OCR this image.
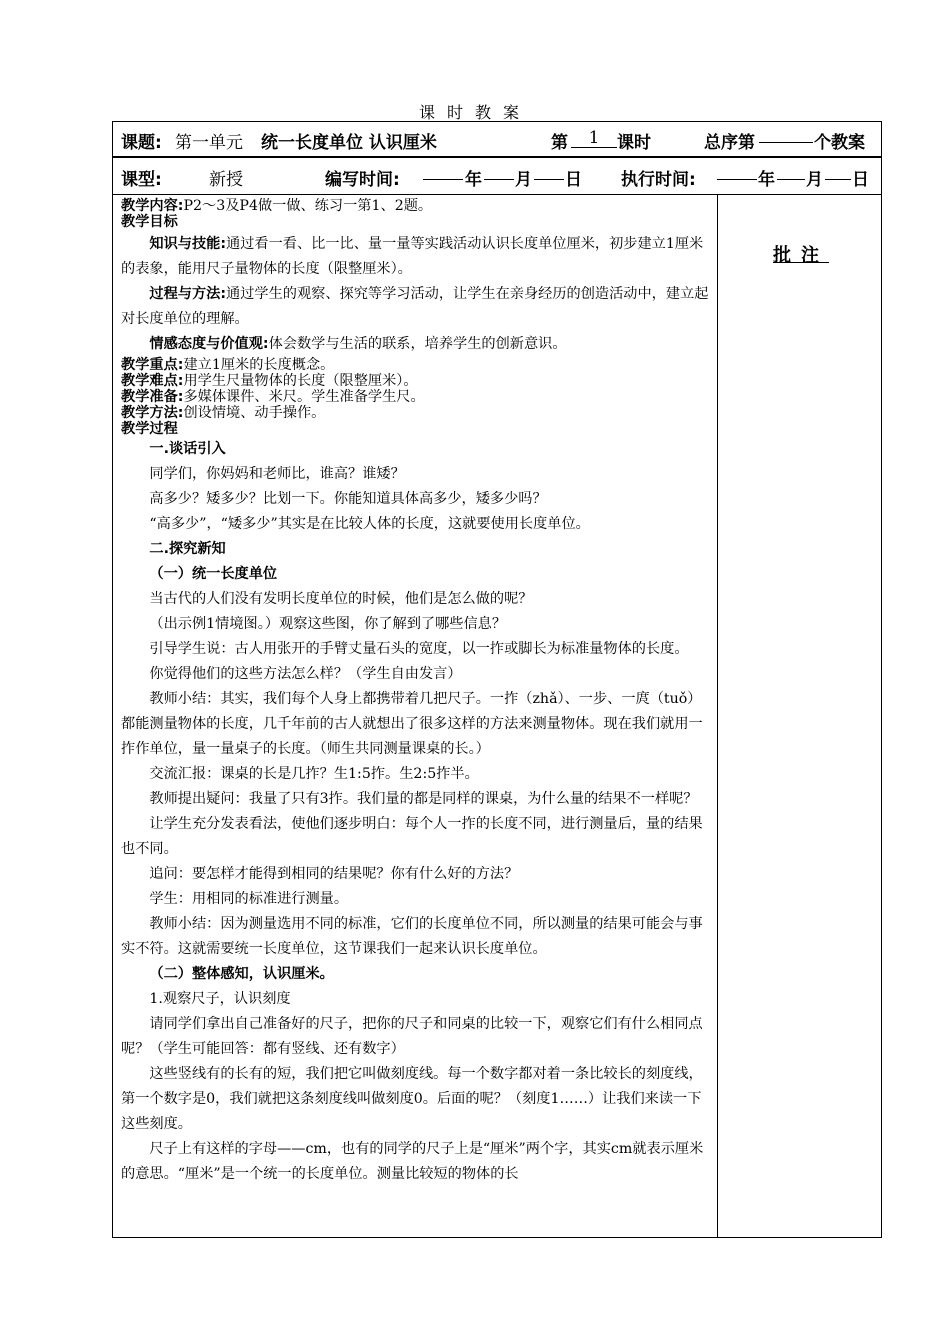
课时教案
课题: 第一单元 统一长度单位 认识厘米	第	1	课时	总序第	个教案
课型:	新授	编写时间:	年 月 日 执行时间:	年 月 日
批注

教学内容:P2～3及P4做一做、练习一第1、2题。

教学目标

知识与技能:通过看一看、比一比、量一量等实践活动认识长度单位厘米，初步建立1厘米的表象，能用尺子量物体的长度（限整厘米）。

过程与方法:通过学生的观察、探究等学习活动，让学生在亲身经历的创造活动中，建立起对长度单位的理解。

情感态度与价值观:体会数学与生活的联系，培养学生的创新意识。

教学重点:建立1厘米的长度概念。

教学难点:用学生尺量物体的长度（限整厘米）。

教学准备:多媒体课件、米尺。学生准备学生尺。

教学方法:创设情境、动手操作。

教学过程

一.谈话引入

同学们，你妈妈和老师比，谁高？谁矮？

高多少？矮多少？比划一下。你能知道具体高多少，矮多少吗？

“高多少”，“矮多少”其实是在比较人体的长度，这就要使用长度单位。

二.探究新知

（一）统一长度单位

当古代的人们没有发明长度单位的时候，他们是怎么做的呢？

（出示例1情境图。）观察这些图，你了解到了哪些信息？

引导学生说：古人用张开的手臂丈量石头的宽度，以一拃或脚长为标准量物体的长度。

你觉得他们的这些方法怎么样？（学生自由发言）

教师小结：其实，我们每个人身上都携带着几把尺子。一拃（zhǎ）、一步、一庹（tuǒ）都能测量物体的长度，几千年前的古人就想出了很多这样的方法来测量物体。现在我们就用一拃作单位，量一量桌子的长度。（师生共同测量课桌的长。）

交流汇报：课桌的长是几拃？生1:5拃。生2:5拃半。

教师提出疑问：我量了只有3拃。我们量的都是同样的课桌，为什么量的结果不一样呢？

让学生充分发表看法，使他们逐步明白：每个人一拃的长度不同，进行测量后，量的结果也不同。

追问：要怎样才能得到相同的结果呢？你有什么好的方法？

学生：用相同的标准进行测量。

教师小结：因为测量选用不同的标准，它们的长度单位不同，所以测量的结果可能会与事实不符。这就需要统一长度单位，这节课我们一起来认识长度单位。

（二）整体感知，认识厘米。

1.观察尺子，认识刻度

请同学们拿出自己准备好的尺子，把你的尺子和同桌的比较一下，观察它们有什么相同点呢？（学生可能回答：都有竖线、还有数字）

这些竖线有的长有的短，我们把它叫做刻度线。每一个数字都对着一条比较长的刻度线，第一个数字是0，我们就把这条刻度线叫做刻度0。后面的呢？（刻度1……）让我们来读一下这些刻度。

尺子上有这样的字母——cm，也有的同学的尺子上是“厘米”两个字，其实cm就表示厘米的意思。“厘米”是一个统一的长度单位。测量比较短的物体的长
